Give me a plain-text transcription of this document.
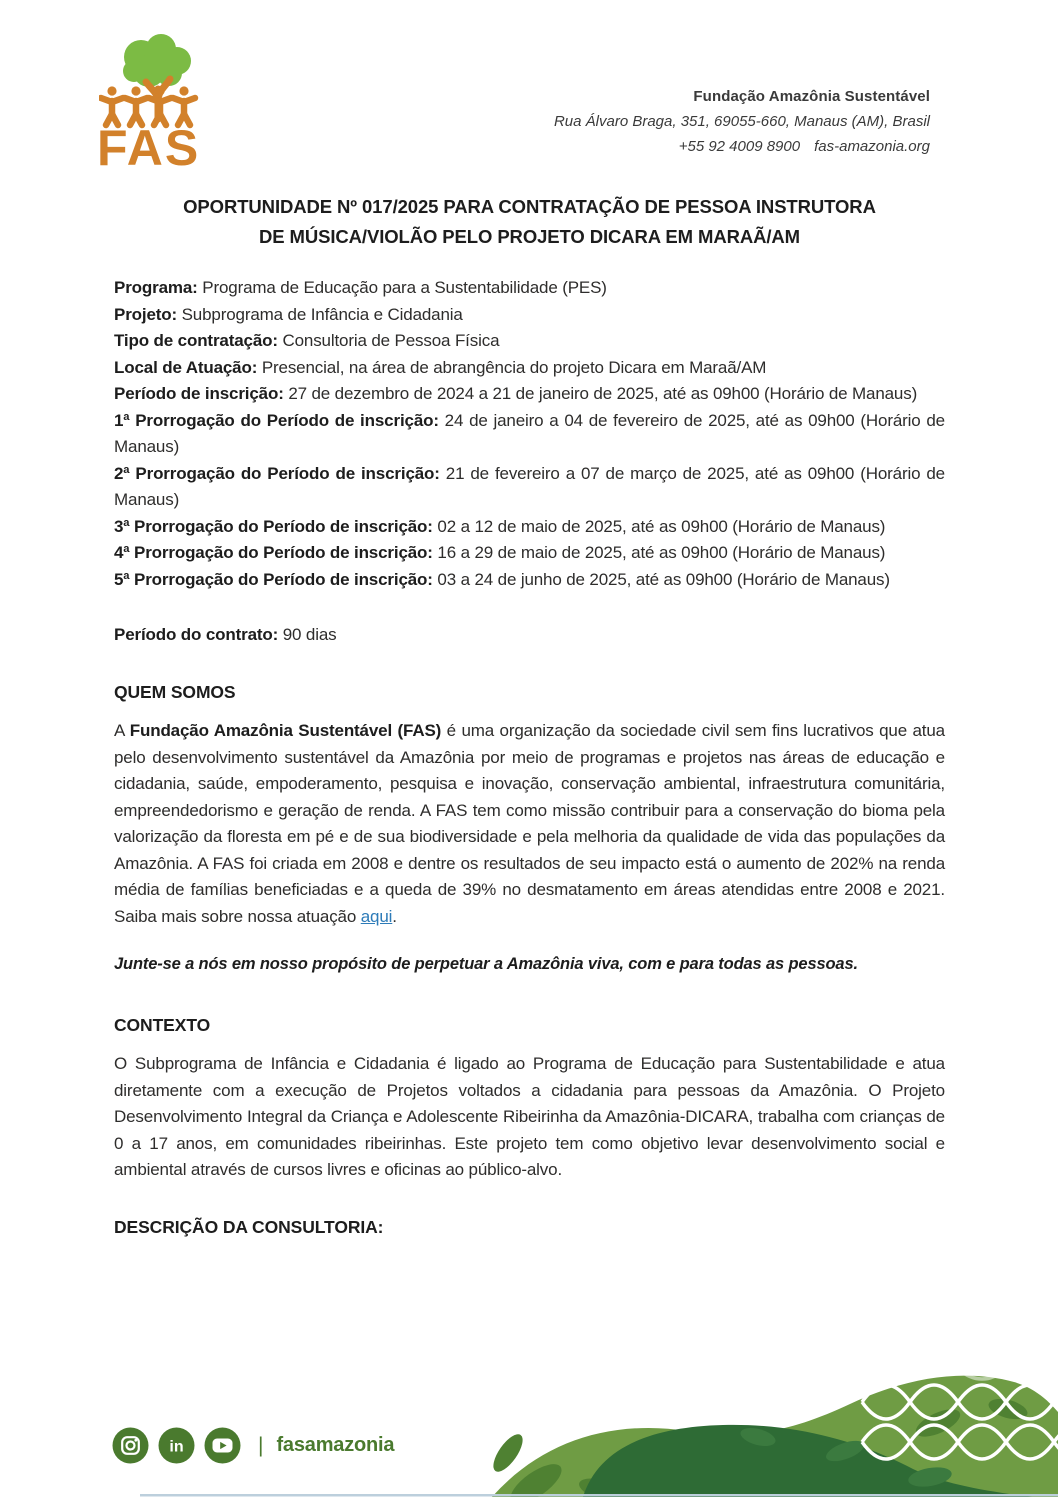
FAS
Fundação Amazônia Sustentável
Rua Álvaro Braga, 351, 69055-660, Manaus (AM), Brasil
+55 92 4009 8900 fas-amazonia.org
OPORTUNIDADE Nº 017/2025 PARA CONTRATAÇÃO DE PESSOA INSTRUTORA
DE MÚSICA/VIOLÃO PELO PROJETO DICARA EM MARAÃ/AM

Programa: Programa de Educação para a Sustentabilidade (PES)

Projeto: Subprograma de Infância e Cidadania

Tipo de contratação: Consultoria de Pessoa Física

Local de Atuação: Presencial, na área de abrangência do projeto Dicara em Maraã/AM

Período de inscrição: 27 de dezembro de 2024 a 21 de janeiro de 2025, até as 09h00 (Horário de Manaus)

1ª Prorrogação do Período de inscrição: 24 de janeiro a 04 de fevereiro de 2025, até as 09h00 (Horário de Manaus)

2ª Prorrogação do Período de inscrição: 21 de fevereiro a 07 de março de 2025, até as 09h00 (Horário de Manaus)

3ª Prorrogação do Período de inscrição: 02 a 12 de maio de 2025, até as 09h00 (Horário de Manaus)

4ª Prorrogação do Período de inscrição: 16 a 29 de maio de 2025, até as 09h00 (Horário de Manaus)

5ª Prorrogação do Período de inscrição: 03 a 24 de junho de 2025, até as 09h00 (Horário de Manaus)

Período do contrato: 90 dias

QUEM SOMOS

A Fundação Amazônia Sustentável (FAS) é uma organização da sociedade civil sem fins lucrativos que atua pelo desenvolvimento sustentável da Amazônia por meio de programas e projetos nas áreas de educação e cidadania, saúde, empoderamento, pesquisa e inovação, conservação ambiental, infraestrutura comunitária, empreendedorismo e geração de renda. A FAS tem como missão contribuir para a conservação do bioma pela valorização da floresta em pé e de sua biodiversidade e pela melhoria da qualidade de vida das populações da Amazônia. A FAS foi criada em 2008 e dentre os resultados de seu impacto está o aumento de 202% na renda média de famílias beneficiadas e a queda de 39% no desmatamento em áreas atendidas entre 2008 e 2021. Saiba mais sobre nossa atuação aqui.

Junte-se a nós em nosso propósito de perpetuar a Amazônia viva, com e para todas as pessoas.

CONTEXTO

O Subprograma de Infância e Cidadania é ligado ao Programa de Educação para Sustentabilidade e atua diretamente com a execução de Projetos voltados a cidadania para pessoas da Amazônia. O Projeto Desenvolvimento Integral da Criança e Adolescente Ribeirinha da Amazônia-DICARA, trabalha com crianças de 0 a 17 anos, em comunidades ribeirinhas. Este projeto tem como objetivo levar desenvolvimento social e ambiental através de cursos livres e oficinas ao público-alvo.

DESCRIÇÃO DA CONSULTORIA:
in	| fasamazonia
